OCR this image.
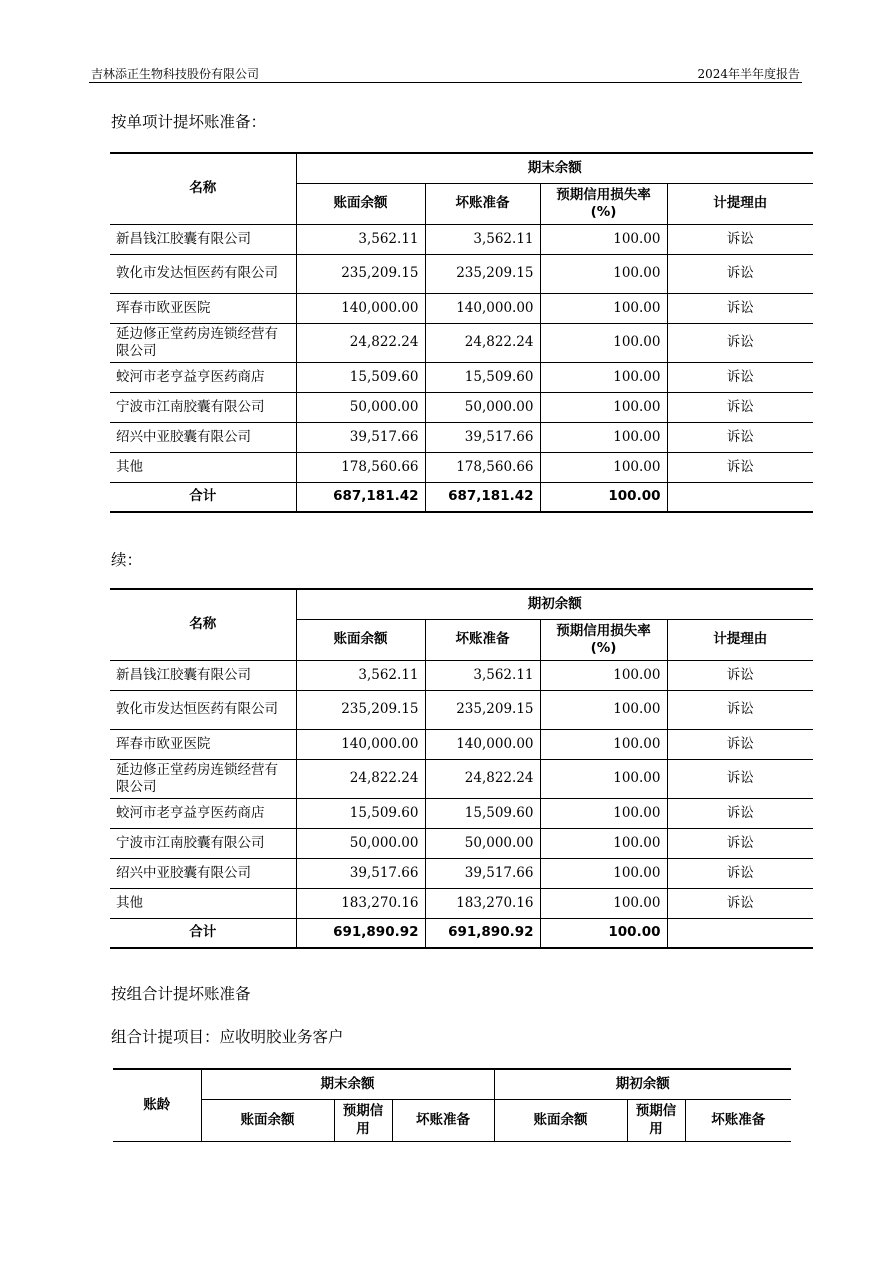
吉林添正生物科技股份有限公司	2024年半年度报告
按单项计提坏账准备：
名称	期末余额			
	账面余额	坏账准备	预期信用损失率(%)	计提理由
新昌钱江胶囊有限公司	3,562.11	3,562.11	100.00	诉讼
敦化市发达恒医药有限公司	235,209.15	235,209.15	100.00	诉讼
珲春市欧亚医院	140,000.00	140,000.00	100.00	诉讼
延边修正堂药房连锁经营有限公司	24,822.24	24,822.24	100.00	诉讼
蛟河市老亨益亨医药商店	15,509.60	15,509.60	100.00	诉讼
宁波市江南胶囊有限公司	50,000.00	50,000.00	100.00	诉讼
绍兴中亚胶囊有限公司	39,517.66	39,517.66	100.00	诉讼
其他	178,560.66	178,560.66	100.00	诉讼
合计	687,181.42	687,181.42	100.00	
续：
名称	期初余额			
	账面余额	坏账准备	预期信用损失率(%)	计提理由
新昌钱江胶囊有限公司	3,562.11	3,562.11	100.00	诉讼
敦化市发达恒医药有限公司	235,209.15	235,209.15	100.00	诉讼
珲春市欧亚医院	140,000.00	140,000.00	100.00	诉讼
延边修正堂药房连锁经营有限公司	24,822.24	24,822.24	100.00	诉讼
蛟河市老亨益亨医药商店	15,509.60	15,509.60	100.00	诉讼
宁波市江南胶囊有限公司	50,000.00	50,000.00	100.00	诉讼
绍兴中亚胶囊有限公司	39,517.66	39,517.66	100.00	诉讼
其他	183,270.16	183,270.16	100.00	诉讼
合计	691,890.92	691,890.92	100.00	
按组合计提坏账准备
组合计提项目：应收明胶业务客户
账龄	期末余额			期初余额		
	账面余额	预期信用	坏账准备	账面余额	预期信用	坏账准备
